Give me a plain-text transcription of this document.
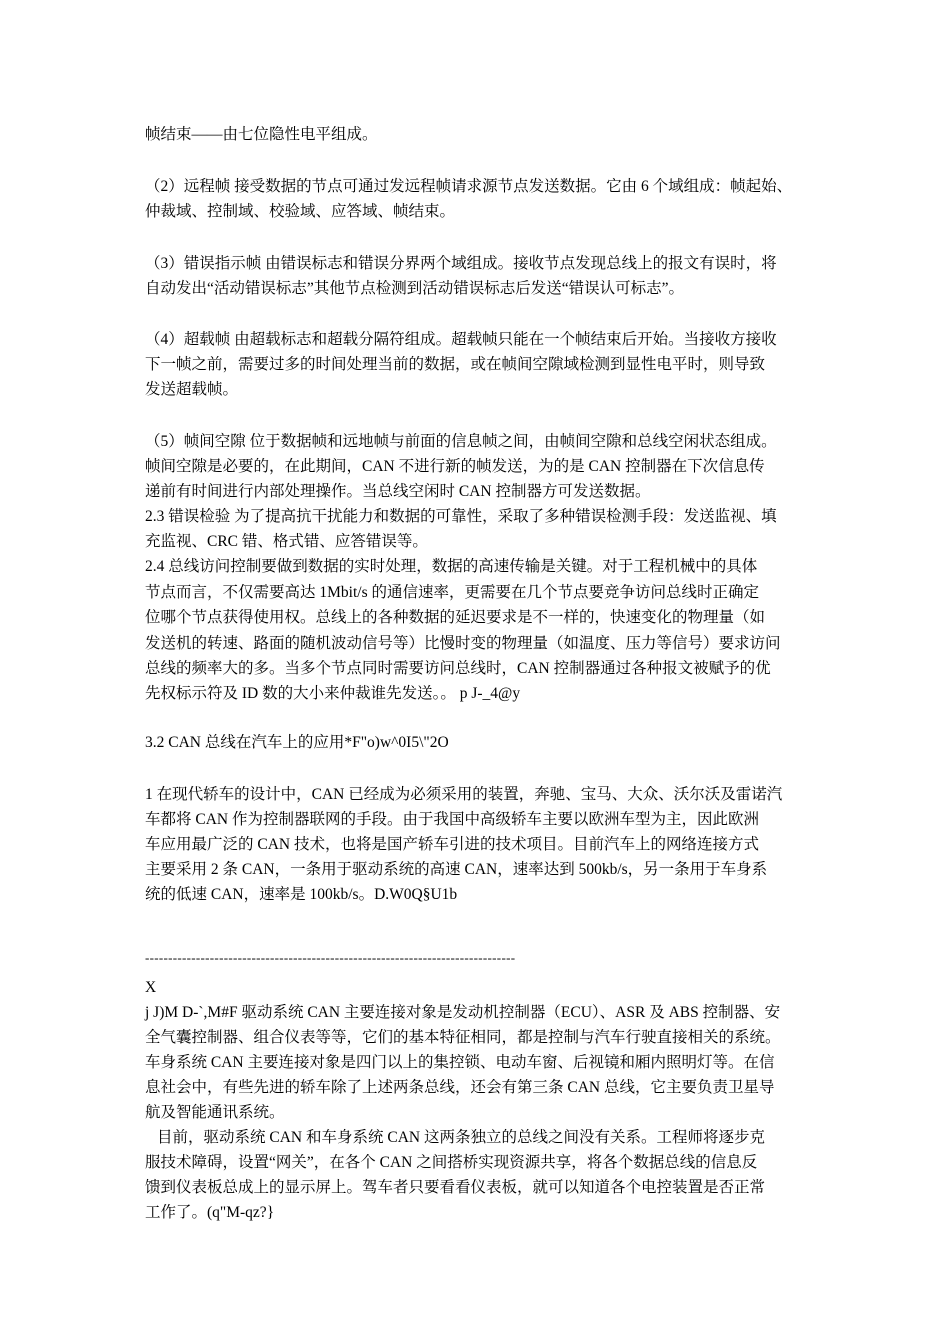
帧结束——由七位隐性电平组成。
（2）远程帧 接受数据的节点可通过发远程帧请求源节点发送数据。它由 6 个域组成：帧起始、
仲裁域、控制域、校验域、应答域、帧结束。
（3）错误指示帧 由错误标志和错误分界两个域组成。接收节点发现总线上的报文有误时，将
自动发出“活动错误标志”其他节点检测到活动错误标志后发送“错误认可标志”。
（4）超载帧 由超载标志和超载分隔符组成。超载帧只能在一个帧结束后开始。当接收方接收
下一帧之前，需要过多的时间处理当前的数据，或在帧间空隙域检测到显性电平时，则导致
发送超载帧。
（5）帧间空隙 位于数据帧和远地帧与前面的信息帧之间，由帧间空隙和总线空闲状态组成。
帧间空隙是必要的，在此期间，CAN 不进行新的帧发送，为的是 CAN 控制器在下次信息传
递前有时间进行内部处理操作。当总线空闲时 CAN 控制器方可发送数据。
2.3 错误检验 为了提高抗干扰能力和数据的可靠性，采取了多种错误检测手段：发送监视、填
充监视、CRC 错、格式错、应答错误等。
2.4 总线访问控制要做到数据的实时处理，数据的高速传输是关键。对于工程机械中的具体
节点而言，不仅需要高达 1Mbit/s 的通信速率，更需要在几个节点要竞争访问总线时正确定
位哪个节点获得使用权。总线上的各种数据的延迟要求是不一样的，快速变化的物理量（如
发送机的转速、路面的随机波动信号等）比慢时变的物理量（如温度、压力等信号）要求访问
总线的频率大的多。当多个节点同时需要访问总线时，CAN 控制器通过各种报文被赋予的优
先权标示符及 ID 数的大小来仲裁谁先发送。。 p J-_4@y
3.2 CAN 总线在汽车上的应用*F"o)w^0I5\"2O
1 在现代轿车的设计中，CAN 已经成为必须采用的装置，奔驰、宝马、大众、沃尔沃及雷诺汽
车都将 CAN 作为控制器联网的手段。由于我国中高级轿车主要以欧洲车型为主，因此欧洲
车应用最广泛的 CAN 技术，也将是国产轿车引进的技术项目。目前汽车上的网络连接方式
主要采用 2 条 CAN，一条用于驱动系统的高速 CAN，速率达到 500kb/s，另一条用于车身系
统的低速 CAN，速率是 100kb/s。D.W0Q§U1b
--------------------------------------------------------------------------------
X
j J)M D-`,M#F 驱动系统 CAN 主要连接对象是发动机控制器（ECU）、ASR 及 ABS 控制器、安
全气囊控制器、组合仪表等等，它们的基本特征相同，都是控制与汽车行驶直接相关的系统。
车身系统 CAN 主要连接对象是四门以上的集控锁、电动车窗、后视镜和厢内照明灯等。在信
息社会中，有些先进的轿车除了上述两条总线，还会有第三条 CAN 总线，它主要负责卫星导
航及智能通讯系统。
目前，驱动系统 CAN 和车身系统 CAN 这两条独立的总线之间没有关系。工程师将逐步克
服技术障碍，设置“网关”，在各个 CAN 之间搭桥实现资源共享，将各个数据总线的信息反
馈到仪表板总成上的显示屏上。驾车者只要看看仪表板，就可以知道各个电控装置是否正常
工作了。(q"M-qz?}
